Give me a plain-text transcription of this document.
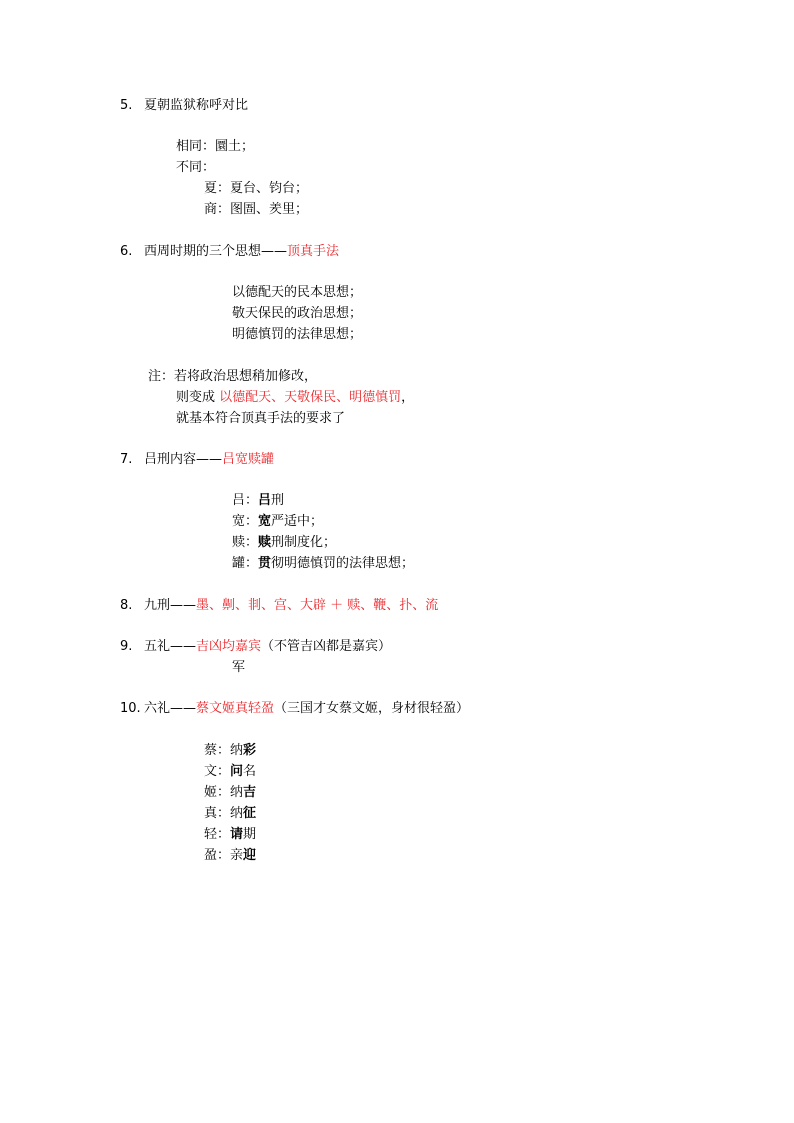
5. 夏朝监狱称呼对比
相同：圜土；
不同：
夏：夏台、钧台；
商：图圄、羑里；
6. 西周时期的三个思想——顶真手法
以德配天的民本思想；
敬天保民的政治思想；
明德慎罚的法律思想；
注：若将政治思想稍加修改，
则变成 以德配天、天敬保民、明德慎罚，
就基本符合顶真手法的要求了
7. 吕刑内容——吕宽赎罐
吕：吕刑
宽：宽严适中；
赎：赎刑制度化；
罐：贯彻明德慎罚的法律思想；
8. 九刑——墨、劓、剕、宫、大辟 ＋ 赎、鞭、扑、流
9. 五礼——吉凶均嘉宾（不管吉凶都是嘉宾）
军
10. 六礼——蔡文姬真轻盈（三国才女蔡文姬，身材很轻盈）
蔡：纳彩
文：问名
姬：纳吉
真：纳征
轻：请期
盈：亲迎
